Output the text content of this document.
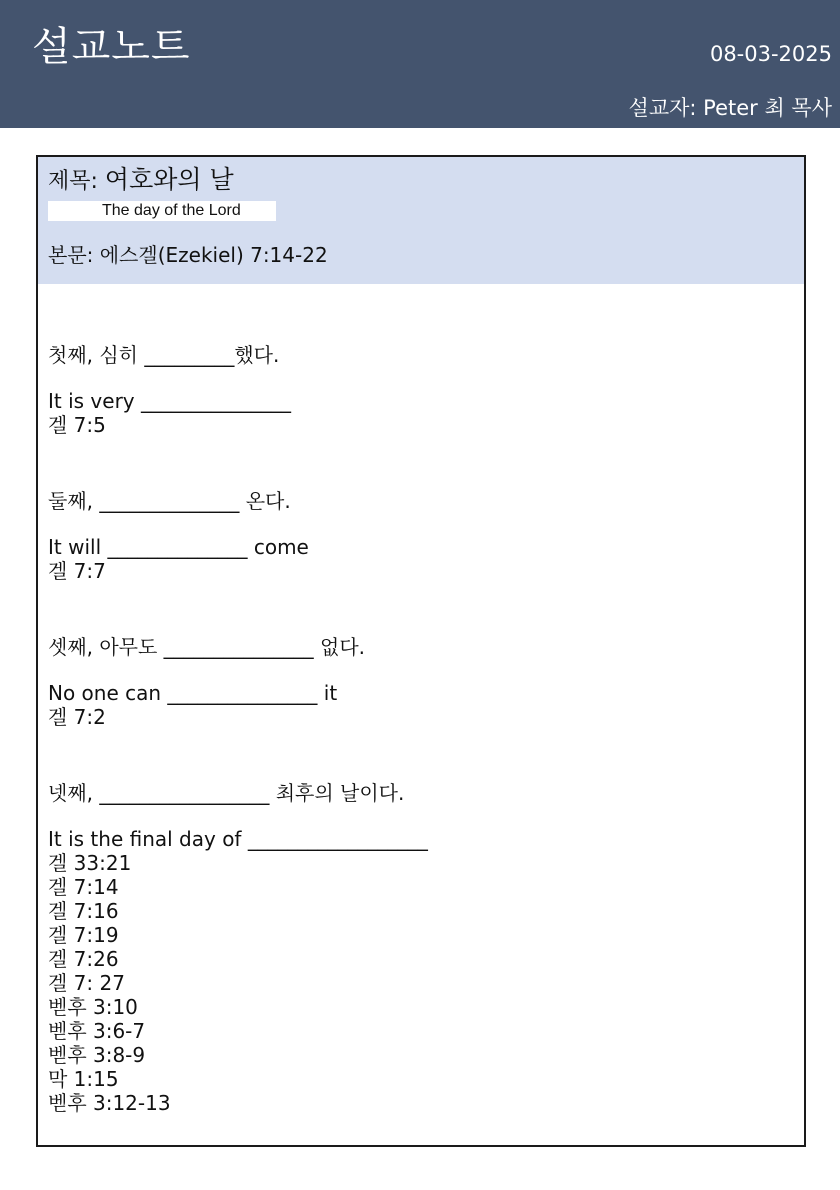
설교노트	08-03-2025
설교자: Peter 최 목사
제목: 여호와의 날
The day of the Lord
본문: 에스겔(Ezekiel) 7:14-22

첫째, 심히 _________했다.

It is very _______________

겔 7:5

둘째, ______________ 온다.

It will ______________ come

겔 7:7

셋째, 아무도 _______________ 없다.

No one can _______________ it

겔 7:2

넷째, _________________ 최후의 날이다.

It is the final day of __________________

겔 33:21
겔 7:14
겔 7:16
겔 7:19
겔 7:26
겔 7: 27
벧후 3:10
벧후 3:6-7
벧후 3:8-9
막 1:15
벧후 3:12-13
